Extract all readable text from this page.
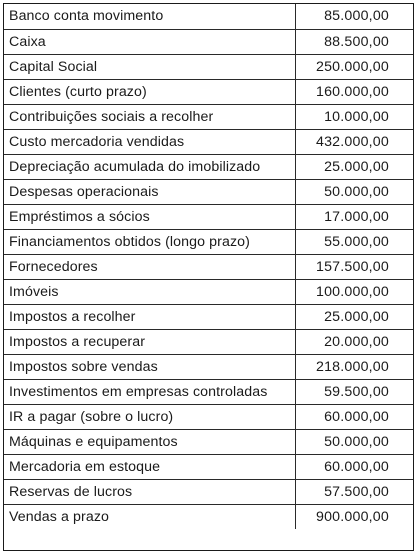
Banco conta movimento	85.000,00
Caixa	88.500,00
Capital Social	250.000,00
Clientes (curto prazo)	160.000,00
Contribuições sociais a recolher	10.000,00
Custo mercadoria vendidas	432.000,00
Depreciação acumulada do imobilizado	25.000,00
Despesas operacionais	50.000,00
Empréstimos a sócios	17.000,00
Financiamentos obtidos (longo prazo)	55.000,00
Fornecedores	157.500,00
Imóveis	100.000,00
Impostos a recolher	25.000,00
Impostos a recuperar	20.000,00
Impostos sobre vendas	218.000,00
Investimentos em empresas controladas	59.500,00
IR a pagar (sobre o lucro)	60.000,00
Máquinas e equipamentos	50.000,00
Mercadoria em estoque	60.000,00
Reservas de lucros	57.500,00
Vendas a prazo	900.000,00
